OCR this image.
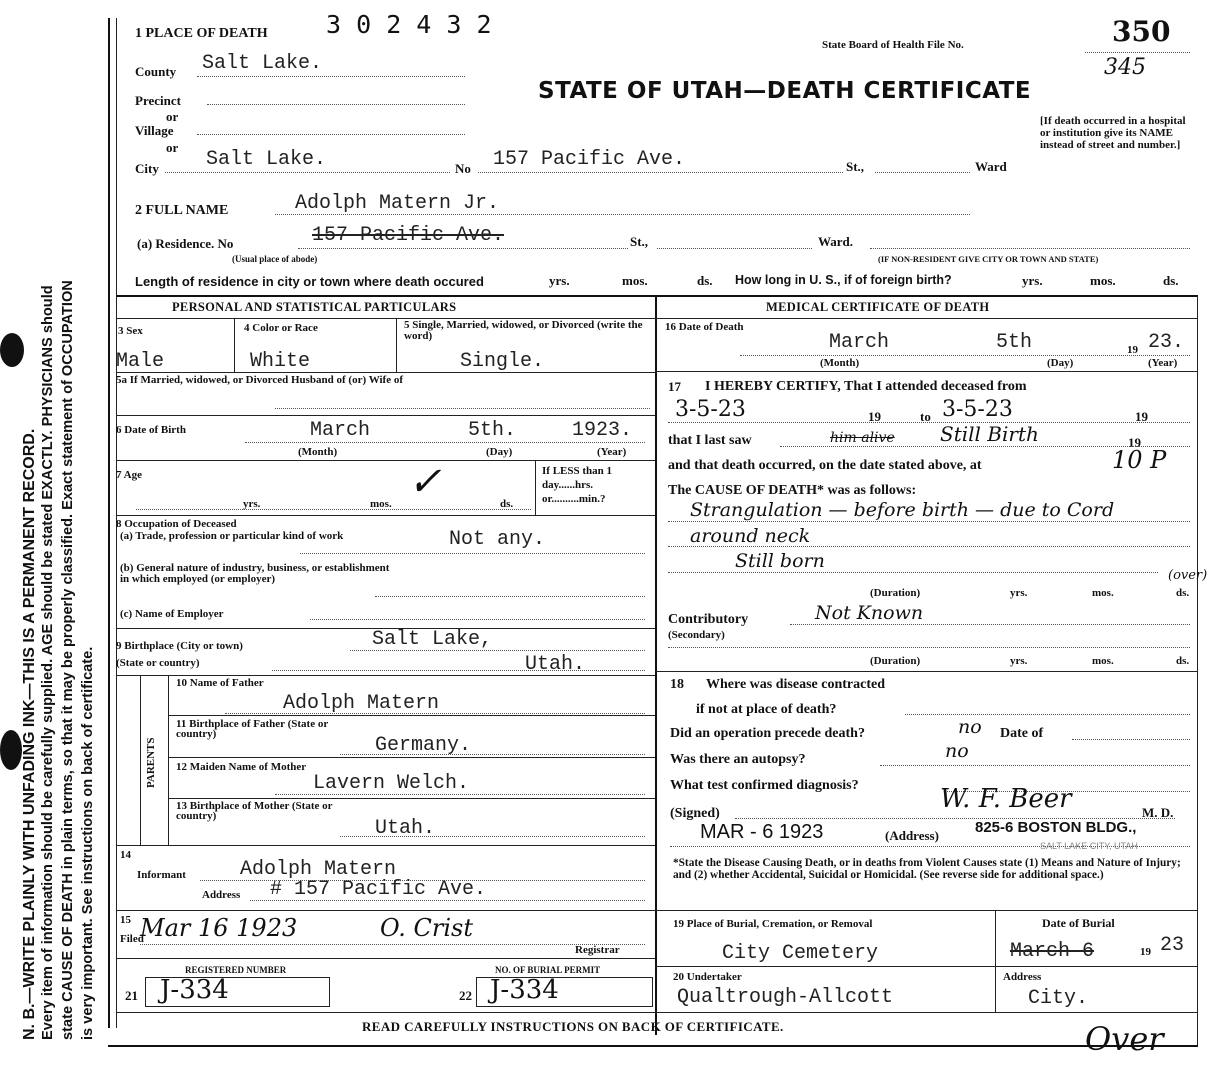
N. B.—WRITE PLAINLY WITH UNFADING INK—THIS IS A PERMANENT RECORD. Every item of information should be carefully supplied. AGE should be stated EXACTLY. PHYSICIANS should state CAUSE OF DEATH in plain terms, so that it may be properly classified. Exact statement of OCCUPATION is very important. See instructions on back of certificate.
1 PLACE OF DEATH 3 0 2 4 3 2
State Board of Health File No.	350
345
STATE OF UTAH—DEATH CERTIFICATE
[If death occurred in a hospital or institution give its NAME instead of street and number.]
County Salt Lake.
Precinct
or
Village
or
City Salt Lake.	No 157 Pacific Ave.	St.,	Ward
2 FULL NAME	Adolph Matern Jr.
(a) Residence. No	157 Pacific Ave.	St.,	Ward.
(Usual place of abode)	(IF NON-RESIDENT GIVE CITY OR TOWN AND STATE)
Length of residence in city or town where death occured	yrs.	mos.	ds. How long in U. S., if of foreign birth?	yrs.	mos.	ds.
PERSONAL AND STATISTICAL PARTICULARS
3 Sex
Male
4 Color or Race
White
5 Single, Married, widowed, or Divorced (write the word)
Single.
5a If Married, widowed, or Divorced Husband of (or) Wife of
6 Date of Birth	March	5th.	1923.
(Month)	(Day)	(Year)
7 Age
yrs.	mos.	ds.
✓	If LESS than 1 day......hrs. or..........min.?
8 Occupation of Deceased
(a) Trade, profession or particular kind of work	Not any.
(b) General nature of industry, business, or establishment in which employed (or employer)
(c) Name of Employer
9 Birthplace (City or town)	Salt Lake,
(State or country)	Utah.
PARENTS
10 Name of Father
Adolph Matern
11 Birthplace of Father (State or country)	Germany.
12 Maiden Name of Mother
Lavern Welch.
13 Birthplace of Mother (State or country)
Utah.
14
Informant	Adolph Matern
Address # 157 Pacific Ave.
15
Filed
Mar 16 1923	O. Crist
Registrar
REGISTERED NUMBER
21 J-334
NO. OF BURIAL PERMIT
22 J-334
MEDICAL CERTIFICATE OF DEATH
16 Date of Death
March	5th	19 23.
(Month)	(Day)	(Year)
17 I HEREBY CERTIFY, That I attended deceased from
3-5-23	19	to 3-5-23	19
that I last saw	him alive Still Birth	19
and that death occurred, on the date stated above, at	10 P
The CAUSE OF DEATH* was as follows:
Strangulation — before birth — due to Cord
around neck
Still born
(over)
(Duration)	yrs.	mos.	ds.
Contributory
(Secondary)
Not Known
(Duration)	yrs.	mos.	ds.
18 Where was disease contracted
if not at place of death?
Did an operation precede death?	no Date of
Was there an autopsy?	no
What test confirmed diagnosis?
(Signed)	W. F. Beer	M. D.
MAR - 6 1923	(Address) 825-6 BOSTON BLDG.,
SALT LAKE CITY, UTAH
*State the Disease Causing Death, or in deaths from Violent Causes state (1) Means and Nature of Injury; and (2) whether Accidental, Suicidal or Homicidal. (See reverse side for additional space.)
19 Place of Burial, Cremation, or Removal
City Cemetery
Date of Burial
March 6	19 23
20 Undertaker
Qualtrough-Allcott
Address
City.
READ CAREFULLY INSTRUCTIONS ON BACK OF CERTIFICATE.	Over
